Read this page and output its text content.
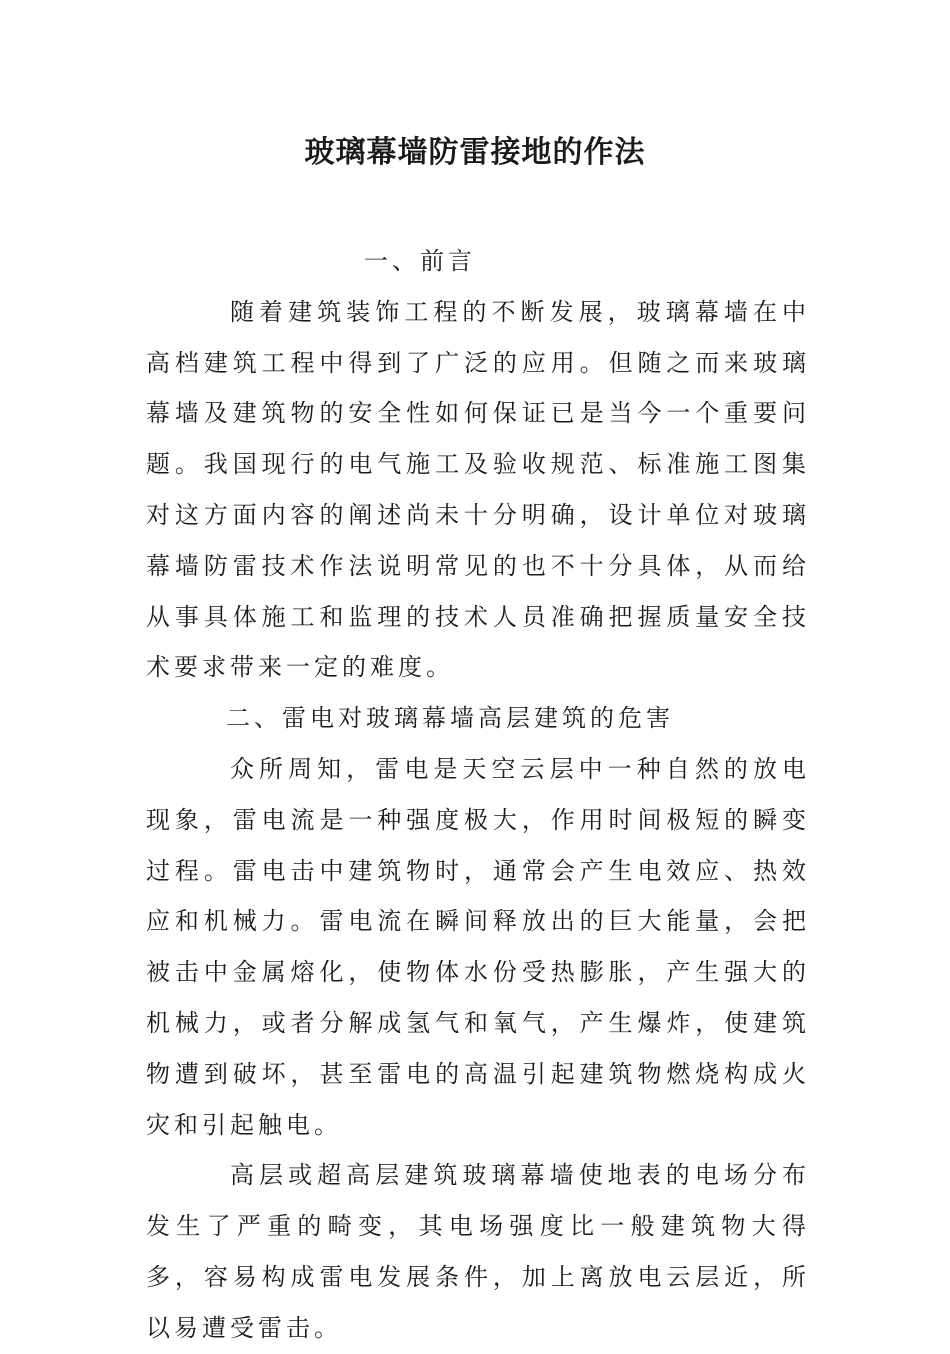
玻璃幕墙防雷接地的作法
一、前言

随着建筑装饰工程的不断发展，玻璃幕墙在中高档建筑工程中得到了广泛的应用。但随之而来玻璃幕墙及建筑物的安全性如何保证已是当今一个重要问题。我国现行的电气施工及验收规范、标准施工图集对这方面内容的阐述尚未十分明确，设计单位对玻璃幕墙防雷技术作法说明常见的也不十分具体，从而给从事具体施工和监理的技术人员准确把握质量安全技术要求带来一定的难度。

二、雷电对玻璃幕墙高层建筑的危害

众所周知，雷电是天空云层中一种自然的放电现象，雷电流是一种强度极大，作用时间极短的瞬变过程。雷电击中建筑物时，通常会产生电效应、热效应和机械力。雷电流在瞬间释放出的巨大能量，会把被击中金属熔化，使物体水份受热膨胀，产生强大的机械力，或者分解成氢气和氧气，产生爆炸，使建筑物遭到破坏，甚至雷电的高温引起建筑物燃烧构成火灾和引起触电。

高层或超高层建筑玻璃幕墙使地表的电场分布发生了严重的畸变，其电场强度比一般建筑物大得多，容易构成雷电发展条件，加上离放电云层近，所以易遭受雷击。
